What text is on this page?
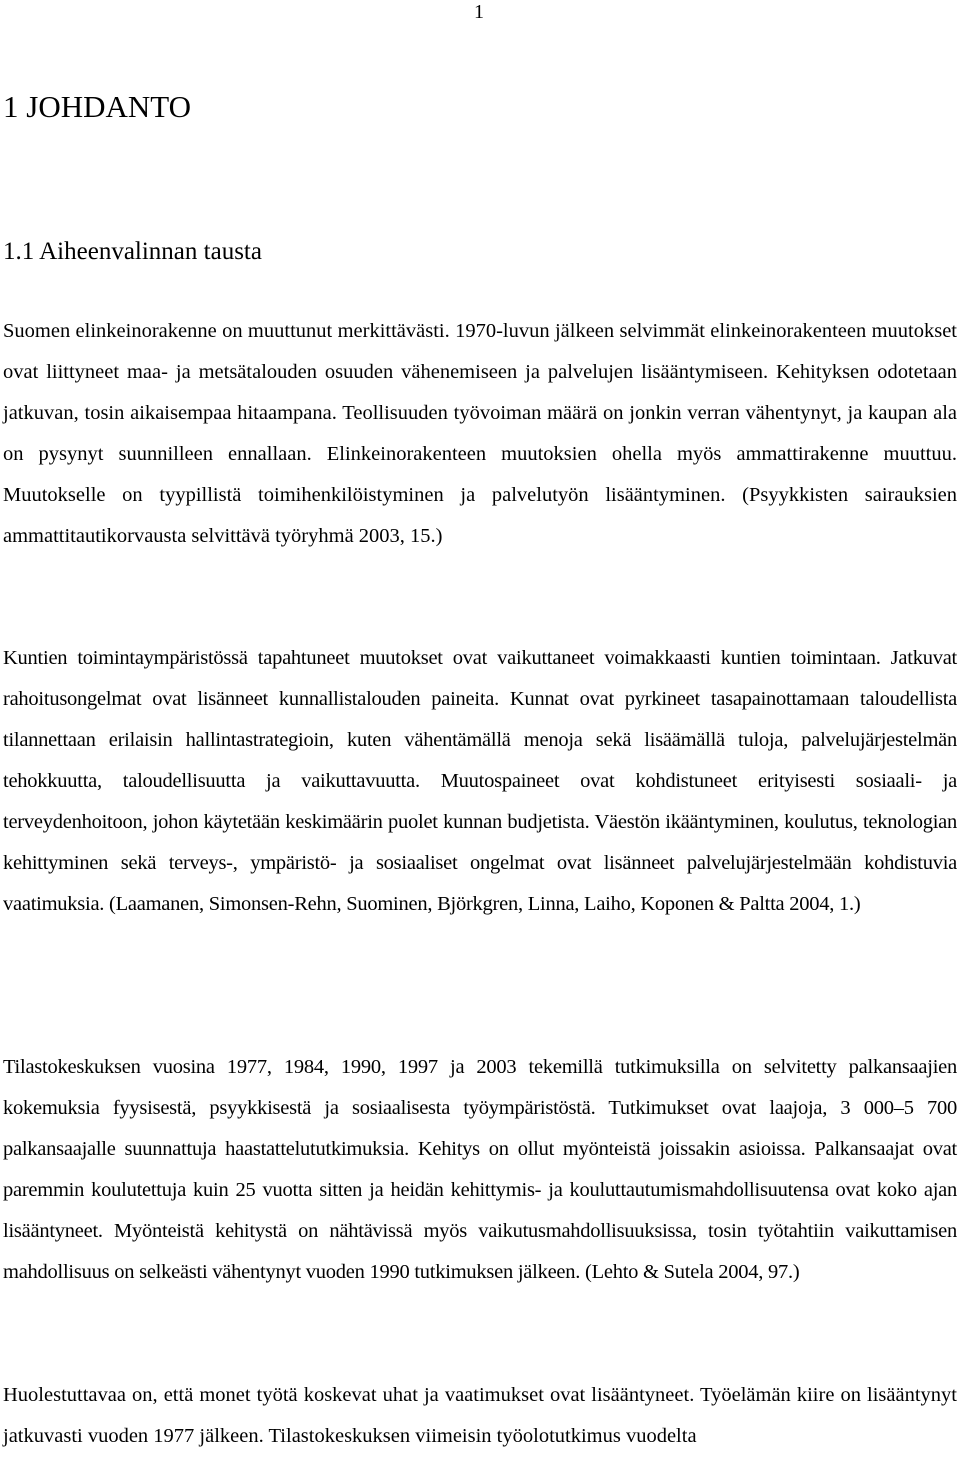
1
1 JOHDANTO
1.1 Aiheenvalinnan tausta

Suomen elinkeinorakenne on muuttunut merkittävästi. 1970-luvun jälkeen selvimmät elinkeinorakenteen muutokset ovat liittyneet maa- ja metsätalouden osuuden vähenemiseen ja palvelujen lisääntymiseen. Kehityksen odotetaan jatkuvan, tosin aikaisempaa hitaampana. Teollisuuden työvoiman määrä on jonkin verran vähentynyt, ja kaupan ala on pysynyt suunnilleen ennallaan. Elinkeinorakenteen muutoksien ohella myös ammattirakenne muuttuu. Muutokselle on tyypillistä toimihenkilöistyminen ja palvelutyön lisääntyminen. (Psyykkisten sairauksien ammattitautikorvausta selvittävä työryhmä 2003, 15.)

Kuntien toimintaympäristössä tapahtuneet muutokset ovat vaikuttaneet voimakkaasti kuntien toimintaan. Jatkuvat rahoitusongelmat ovat lisänneet kunnallistalouden paineita. Kunnat ovat pyrkineet tasapainottamaan taloudellista tilannettaan erilaisin hallintastrategioin, kuten vähentämällä menoja sekä lisäämällä tuloja, palvelujärjestelmän tehokkuutta, taloudellisuutta ja vaikuttavuutta. Muutospaineet ovat kohdistuneet erityisesti sosiaali- ja terveydenhoitoon, johon käytetään keskimäärin puolet kunnan budjetista. Väestön ikääntyminen, koulutus, teknologian kehittyminen sekä terveys-, ympäristö- ja sosiaaliset ongelmat ovat lisänneet palvelujärjestelmään kohdistuvia vaatimuksia. (Laamanen, Simonsen-Rehn, Suominen, Björkgren, Linna, Laiho, Koponen & Paltta 2004, 1.)

Tilastokeskuksen vuosina 1977, 1984, 1990, 1997 ja 2003 tekemillä tutkimuksilla on selvitetty palkansaajien kokemuksia fyysisestä, psyykkisestä ja sosiaalisesta työympäristöstä. Tutkimukset ovat laajoja, 3 000–5 700 palkansaajalle suunnattuja haastattelututkimuksia. Kehitys on ollut myönteistä joissakin asioissa. Palkansaajat ovat paremmin koulutettuja kuin 25 vuotta sitten ja heidän kehittymis- ja kouluttautumismahdollisuutensa ovat koko ajan lisääntyneet. Myönteistä kehitystä on nähtävissä myös vaikutusmahdollisuuksissa, tosin työtahtiin vaikuttamisen mahdollisuus on selkeästi vähentynyt vuoden 1990 tutkimuksen jälkeen. (Lehto & Sutela 2004, 97.)

Huolestuttavaa on, että monet työtä koskevat uhat ja vaatimukset ovat lisääntyneet. Työelämän kiire on lisääntynyt jatkuvasti vuoden 1977 jälkeen. Tilastokeskuksen viimeisin työolotutkimus vuodelta
